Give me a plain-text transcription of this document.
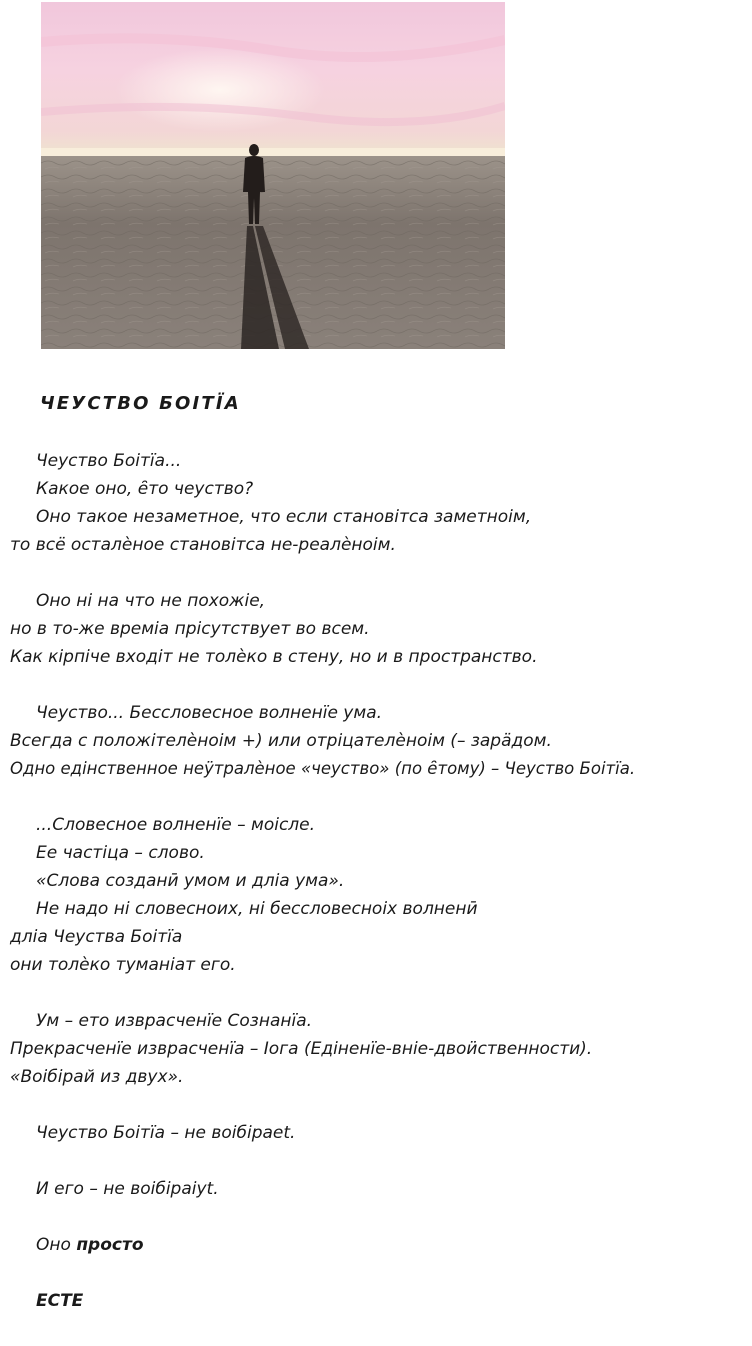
ЧЕУСТВО БОІТЇА
Чеуство Боітїа...
Какое оно, ȇто чеуство?
Оно такое незаметное, что если становітса заметноім,
то всё осталѐное становітса не-реалѐноім.
Оно ні на что не похожіе,
но в то-же времіа прісутствует во всем.
Как кірпіче входіт не толѐко в стену, но и в пространство.
Чеуство... Бессловесное волненїе ума.
Всегда с положітелѐноім +) или отріцателѐноім (– зарӓдом.
Одно едінственное неӱтралѐное «чеуство» (по ȇтому) – Чеуство Боітїа.
...Словесное волненїе – моісле.
Ее частіца – слово.
«Слова созданӣ умом и дліа ума».
Не надо ні словесноих, ні бессловесноіх волненӣ
дліа Чеуства Боітїа
они толѐко туманіат его.
Ум – ето изврасченїе Сознанїа.
Прекрасченїе изврасченїа – Іога (Едіненїе-вніе-двоӥственности).
«Воібірай из двух».
Чеуство Боітїа – не воібіраеt.
И его – не воібіраіуt.
Оно просто
ЕСТЕ
